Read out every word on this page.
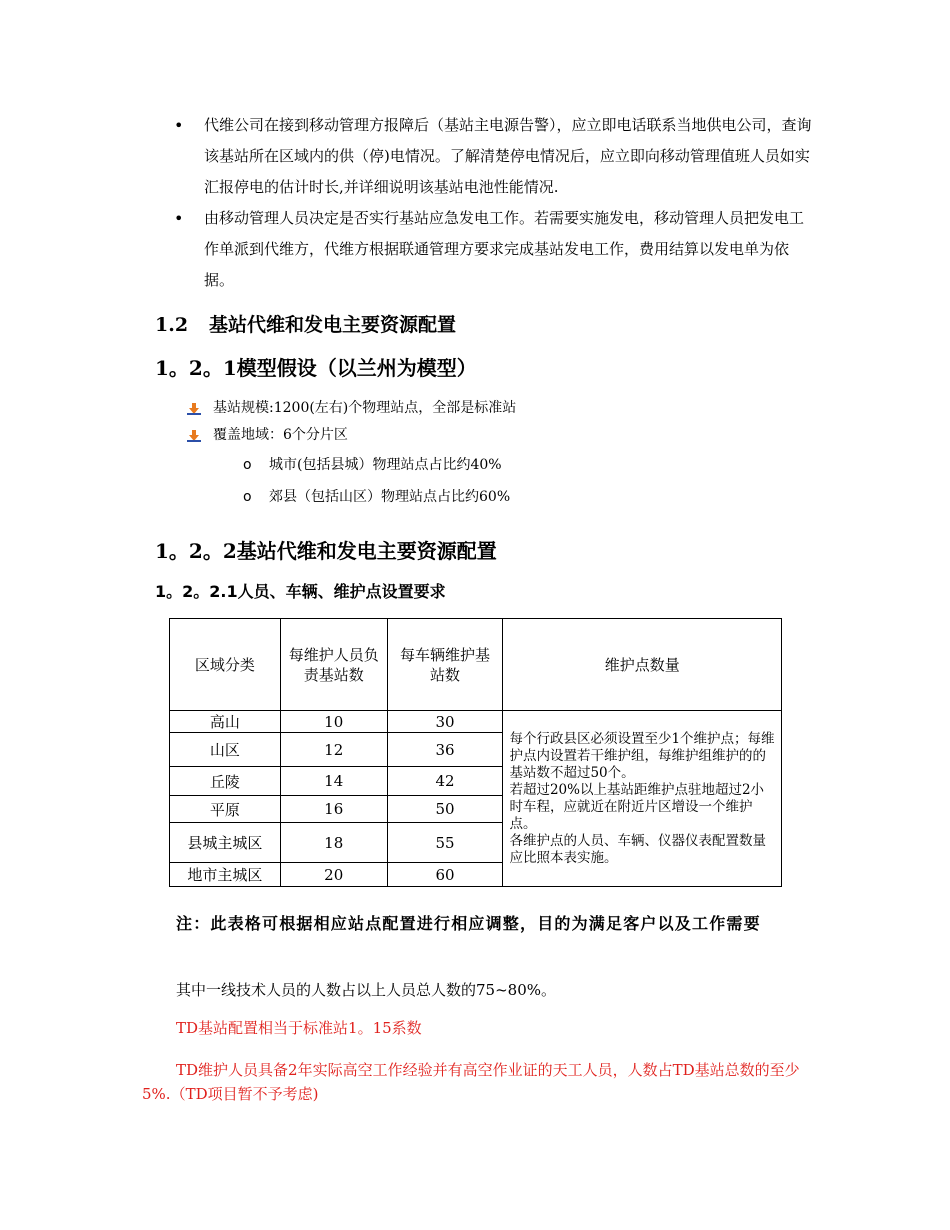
• 代维公司在接到移动管理方报障后（基站主电源告警），应立即电话联系当地供电公司，查询该基站所在区域内的供（停)电情况。了解清楚停电情况后，应立即向移动管理值班人员如实汇报停电的估计时长,并详细说明该基站电池性能情况.
• 由移动管理人员决定是否实行基站应急发电工作。若需要实施发电，移动管理人员把发电工作单派到代维方，代维方根据联通管理方要求完成基站发电工作，费用结算以发电单为依据。
1.2 基站代维和发电主要资源配置
1。2。1模型假设（以兰州为模型）
基站规模:1200(左右)个物理站点，全部是标准站
覆盖地域：6个分片区
o 城市(包括县城）物理站点占比约40%
o 郊县（包括山区）物理站点占比约60%
1。2。2基站代维和发电主要资源配置
1。2。2.1人员、车辆、维护点设置要求
区域分类	每维护人员负责基站数	每车辆维护基站数	维护点数量
高山	10	30	每个行政县区必须设置至少1个维护点；每维护点内设置若干维护组，每维护组维护的的基站数不超过50个。
若超过20%以上基站距维护点驻地超过2小时车程，应就近在附近片区增设一个维护点。
各维护点的人员、车辆、仪器仪表配置数量应比照本表实施。

山区	12	36	
丘陵	14	42	
平原	16	50	
县城主城区	18	55	
地市主城区	20	60	

注：此表格可根据相应站点配置进行相应调整，目的为满足客户以及工作需要

其中一线技术人员的人数占以上人员总人数的75~80%。

TD基站配置相当于标准站1。15系数

TD维护人员具备2年实际高空工作经验并有高空作业证的天工人员，人数占TD基站总数的至少5%.（TD项目暂不予考虑)
